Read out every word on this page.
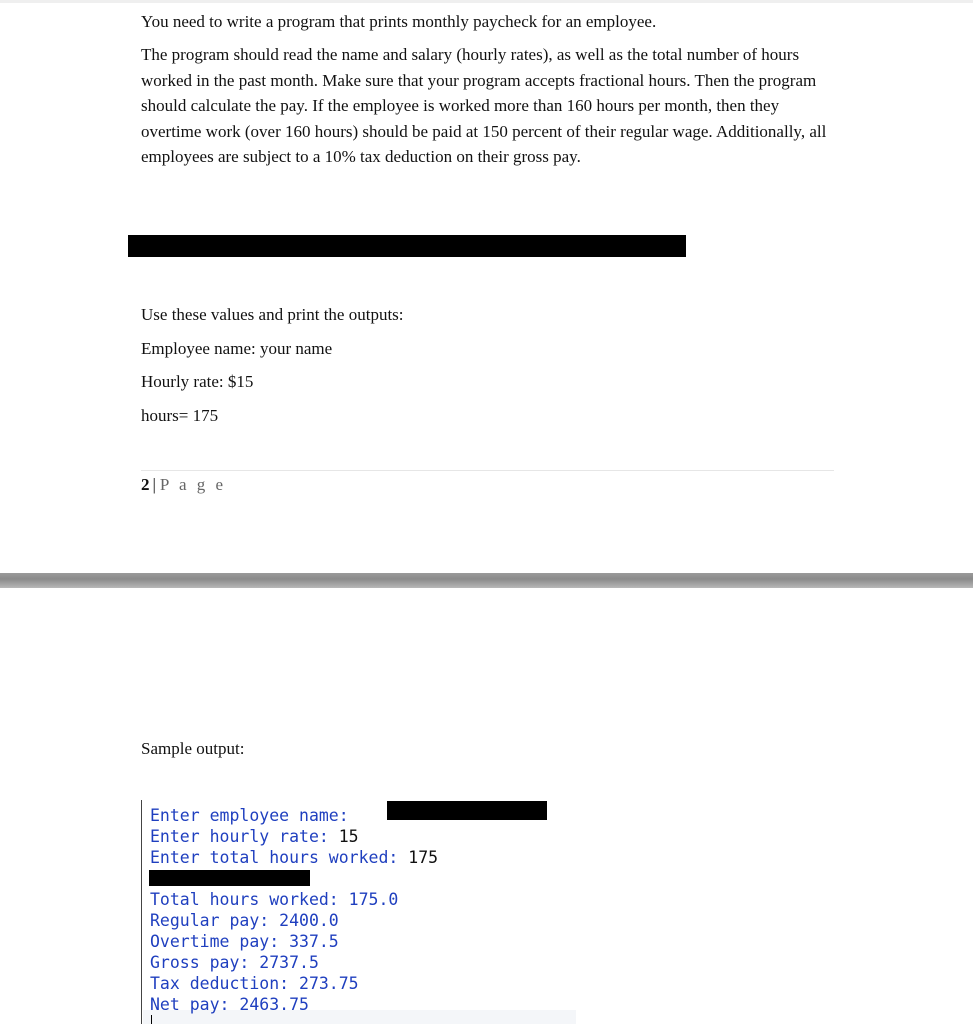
You need to write a program that prints monthly paycheck for an employee.

The program should read the name and salary (hourly rates), as well as the total number of hours worked in the past month. Make sure that your program accepts fractional hours. Then the program should calculate the pay. If the employee is worked more than 160 hours per month, then they overtime work (over 160 hours) should be paid at 150 percent of their regular wage. Additionally, all employees are subject to a 10% tax deduction on their gross pay.

Use these values and print the outputs:

Employee name: your name

Hourly rate: $15

hours= 175

2 | P a g e

Sample output:

Enter employee name:

Enter hourly rate: 15

Enter total hours worked: 175

Total hours worked: 175.0

Regular pay: 2400.0

Overtime pay: 337.5

Gross pay: 2737.5

Tax deduction: 273.75

Net pay: 2463.75
